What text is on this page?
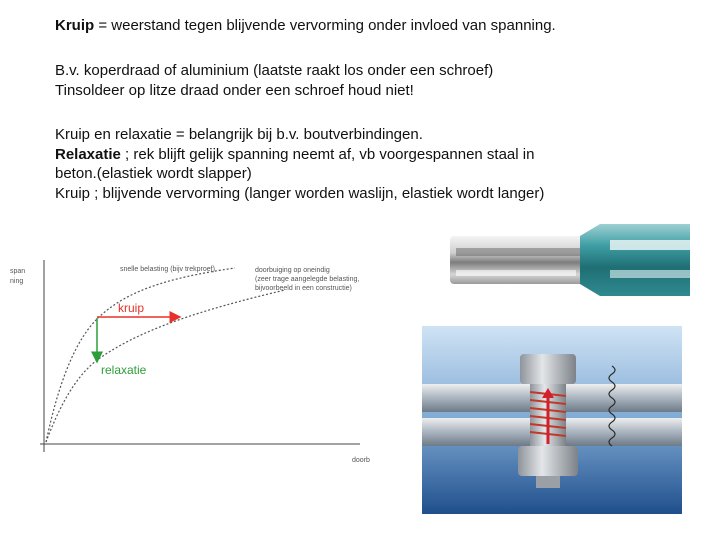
Kruip = weerstand tegen blijvende vervorming onder invloed van spanning.

B.v. koperdraad of aluminium (laatste raakt los onder een schroef)

Tinsoldeer op litze draad onder een schroef houd niet!

Kruip en relaxatie = belangrijk bij b.v. boutverbindingen.

Relaxatie ; rek blijft gelijk spanning neemt af, vb voorgespannen staal in

beton.(elastiek wordt slapper)

Kruip ; blijvende vervorming (langer worden waslijn, elastiek wordt langer)

span
ning
doorb
snelle belasting (bijv trekproef)	doorbuiging op oneindig
(zeer trage aangelegde belasting,
bijvoorbeeld in een constructie)
kruip
relaxatie
